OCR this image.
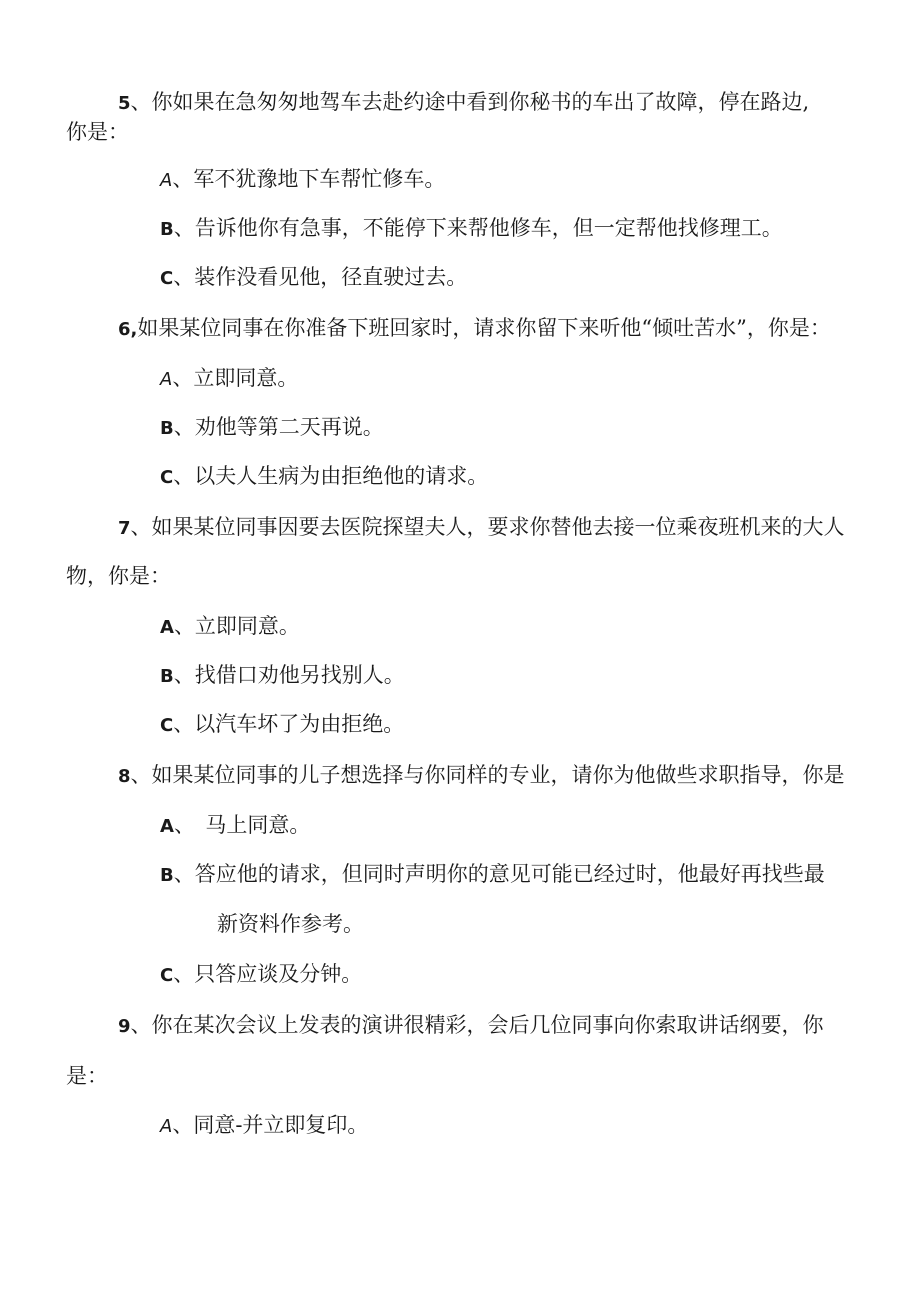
5、你如果在急匆匆地驾车去赴约途中看到你秘书的车出了故障，停在路边,
你是：
A、军不犹豫地下车帮忙修车。
B、告诉他你有急事，不能停下来帮他修车，但一定帮他找修理工。
C、装作没看见他，径直驶过去。
6,如果某位同事在你准备下班回家时，请求你留下来听他“倾吐苦水”，你是：
A、立即同意。
B、劝他等第二天再说。
C、以夫人生病为由拒绝他的请求。
7、如果某位同事因要去医院探望夫人，要求你替他去接一位乘夜班机来的大人
物，你是：
A、立即同意。
B、找借口劝他另找别人。
C、以汽车坏了为由拒绝。
8、如果某位同事的儿子想选择与你同样的专业，请你为他做些求职指导，你是
A、　马上同意。
B、答应他的请求，但同时声明你的意见可能已经过时，他最好再找些最
新资料作参考。
C、只答应谈及分钟。
9、你在某次会议上发表的演讲很精彩，会后几位同事向你索取讲话纲要，你
是：
A、同意-并立即复印。
